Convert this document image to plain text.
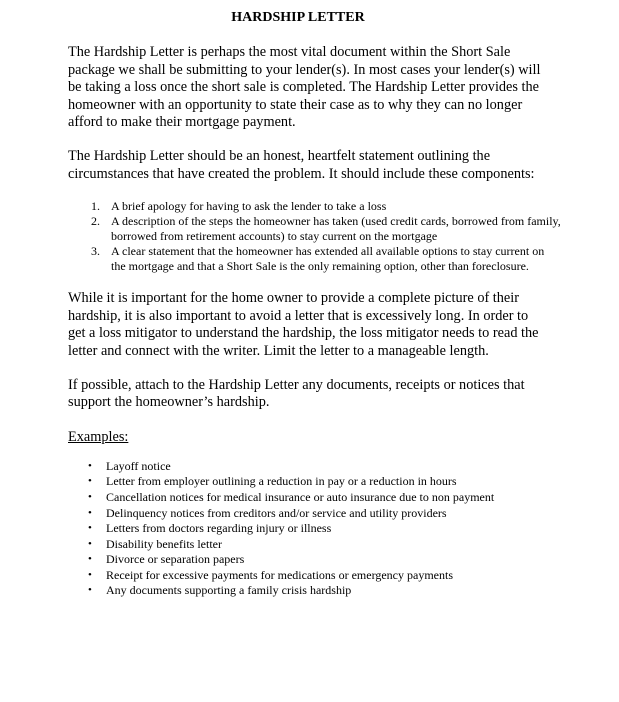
HARDSHIP LETTER

The Hardship Letter is perhaps the most vital document within the Short Sale package we shall be submitting to your lender(s). In most cases your lender(s) will be taking a loss once the short sale is completed. The Hardship Letter provides the homeowner with an opportunity to state their case as to why they can no longer afford to make their mortgage payment.

The Hardship Letter should be an honest, heartfelt statement outlining the circumstances that have created the problem. It should include these components:

1. A brief apology for having to ask the lender to take a loss
2. A description of the steps the homeowner has taken (used credit cards, borrowed from family, borrowed from retirement accounts) to stay current on the mortgage
3. A clear statement that the homeowner has extended all available options to stay current on the mortgage and that a Short Sale is the only remaining option, other than foreclosure.

While it is important for the home owner to provide a complete picture of their hardship, it is also important to avoid a letter that is excessively long. In order to get a loss mitigator to understand the hardship, the loss mitigator needs to read the letter and connect with the writer. Limit the letter to a manageable length.

If possible, attach to the Hardship Letter any documents, receipts or notices that support the homeowner’s hardship.

Examples:
• Layoff notice
• Letter from employer outlining a reduction in pay or a reduction in hours
• Cancellation notices for medical insurance or auto insurance due to non payment
• Delinquency notices from creditors and/or service and utility providers
• Letters from doctors regarding injury or illness
• Disability benefits letter
• Divorce or separation papers
• Receipt for excessive payments for medications or emergency payments
• Any documents supporting a family crisis hardship
